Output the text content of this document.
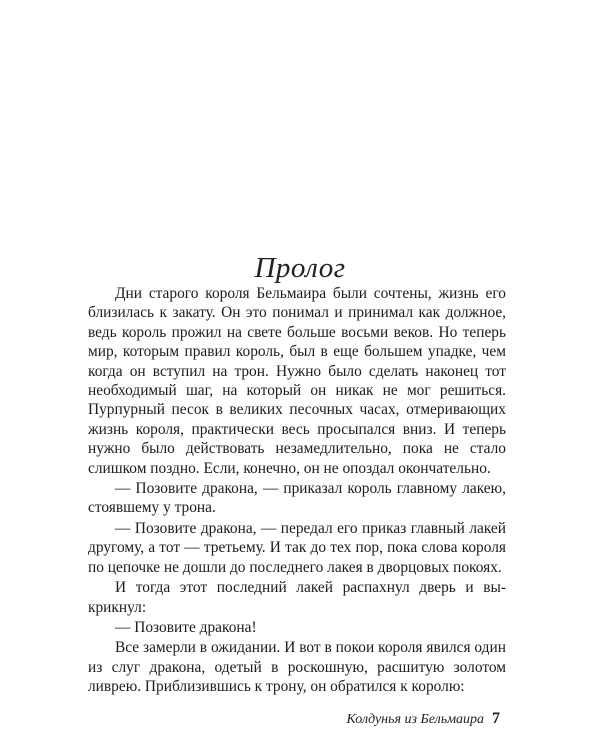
Пролог

Дни старого короля Бельмаира были сочтены, жизнь его близилась к закату. Он это понимал и принимал как должное, ведь король прожил на свете больше восьми веков. Но теперь мир, которым правил король, был в еще большем упадке, чем когда он вступил на трон. Нужно было сделать наконец тот необходимый шаг, на который он никак не мог решиться. Пурпурный песок в великих песочных часах, отмеривающих жизнь короля, практически весь просыпался вниз. И теперь нужно было действовать незамедлительно, пока не стало слишком поздно. Если, конечно, он не опоздал окончательно.

— Позовите дракона, — приказал король главному лакею, стоявшему у трона.

— Позовите дракона, — передал его приказ главный лакей другому, а тот — третьему. И так до тех пор, пока слова короля по цепочке не дошли до последнего лакея в дворцовых покоях.

И тогда этот последний лакей распахнул дверь и выкрикнул:

— Позовите дракона!

Все замерли в ожидании. И вот в покои короля явился один из слуг дракона, одетый в роскошную, расшитую золотом ливрею. Приблизившись к трону, он обратился к королю:

Колдунья из Бельмаира 7
